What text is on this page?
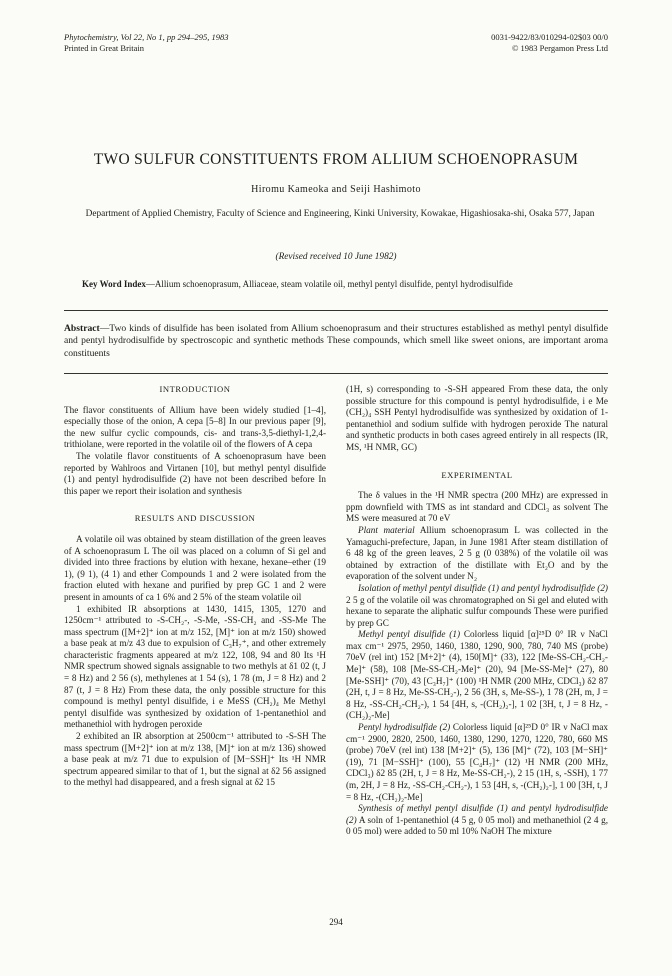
Phytochemistry, Vol 22, No 1, pp 294–295, 1983
Printed in Great Britain
0031-9422/83/010294-02$03 00/0
© 1983 Pergamon Press Ltd
TWO SULFUR CONSTITUENTS FROM ALLIUM SCHOENOPRASUM
Hiromu Kameoka and Seiji Hashimoto
Department of Applied Chemistry, Faculty of Science and Engineering, Kinki University, Kowakae, Higashiosaka-shi, Osaka 577, Japan
(Revised received 10 June 1982)
Key Word Index—Allium schoenoprasum, Alliaceae, steam volatile oil, methyl pentyl disulfide, pentyl hydrodisulfide
Abstract—Two kinds of disulfide has been isolated from Allium schoenoprasum and their structures established as methyl pentyl disulfide and pentyl hydrodisulfide by spectroscopic and synthetic methods These compounds, which smell like sweet onions, are important aroma constituents
INTRODUCTION

The flavor constituents of Allium have been widely studied [1–4], especially those of the onion, A cepa [5–8] In our previous paper [9], the new sulfur cyclic compounds, cis- and trans-3,5-diethyl-1,2,4-trithiolane, were reported in the volatile oil of the flowers of A cepa

The volatile flavor constituents of A schoenoprasum have been reported by Wahlroos and Virtanen [10], but methyl pentyl disulfide (1) and pentyl hydrodisulfide (2) have not been described before In this paper we report their isolation and synthesis

RESULTS AND DISCUSSION

A volatile oil was obtained by steam distillation of the green leaves of A schoenoprasum L The oil was placed on a column of Si gel and divided into three fractions by elution with hexane, hexane–ether (19 1), (9 1), (4 1) and ether Compounds 1 and 2 were isolated from the fraction eluted with hexane and purified by prep GC 1 and 2 were present in amounts of ca 1 6% and 2 5% of the steam volatile oil

1 exhibited IR absorptions at 1430, 1415, 1305, 1270 and 1250cm⁻¹ attributed to -S-CH₂-, -S-Me, -SS-CH₂ and -SS-Me The mass spectrum ([M+2]⁺ ion at m/z 152, [M]⁺ ion at m/z 150) showed a base peak at m/z 43 due to expulsion of C₃H₇⁺, and other extremely characteristic fragments appeared at m/z 122, 108, 94 and 80 Its ¹H NMR spectrum showed signals assignable to two methyls at δ1 02 (t, J = 8 Hz) and 2 56 (s), methylenes at 1 54 (s), 1 78 (m, J = 8 Hz) and 2 87 (t, J = 8 Hz) From these data, the only possible structure for this compound is methyl pentyl disulfide, i e MeSS (CH₂)₄ Me Methyl pentyl disulfide was synthesized by oxidation of 1-pentanethiol and methanethiol with hydrogen peroxide

2 exhibited an IR absorption at 2500cm⁻¹ attributed to -S-SH The mass spectrum ([M+2]⁺ ion at m/z 138, [M]⁺ ion at m/z 136) showed a base peak at m/z 71 due to expulsion of [M−SSH]⁺ Its ¹H NMR spectrum appeared similar to that of 1, but the signal at δ2 56 assigned to the methyl had disappeared, and a fresh signal at δ2 15

(1H, s) corresponding to -S-SH appeared From these data, the only possible structure for this compound is pentyl hydrodisulfide, i e Me (CH₂)₄ SSH Pentyl hydrodisulfide was synthesized by oxidation of 1-pentanethiol and sodium sulfide with hydrogen peroxide The natural and synthetic products in both cases agreed entirely in all respects (IR, MS, ¹H NMR, GC)

EXPERIMENTAL

The δ values in the ¹H NMR spectra (200 MHz) are expressed in ppm downfield with TMS as int standard and CDCl₃ as solvent The MS were measured at 70 eV

Plant material Allium schoenoprasum L was collected in the Yamaguchi-prefecture, Japan, in June 1981 After steam distillation of 6 48 kg of the green leaves, 2 5 g (0 038%) of the volatile oil was obtained by extraction of the distillate with Et₂O and by the evaporation of the solvent under N₂

Isolation of methyl pentyl disulfide (1) and pentyl hydrodisulfide (2) 2 5 g of the volatile oil was chromatographed on Si gel and eluted with hexane to separate the aliphatic sulfur compounds These were purified by prep GC

Methyl pentyl disulfide (1) Colorless liquid [α]²⁵D 0° IR ν NaCl max cm⁻¹ 2975, 2950, 1460, 1380, 1290, 900, 780, 740 MS (probe) 70eV (rel int) 152 [M+2]⁺ (4), 150[M]⁺ (33), 122 [Me-SS-CH₂-CH₂-Me]⁺ (58), 108 [Me-SS-CH₂-Me]⁺ (20), 94 [Me-SS-Me]⁺ (27), 80 [Me-SSH]⁺ (70), 43 [C₃H₇]⁺ (100) ¹H NMR (200 MHz, CDCl₃) δ2 87 (2H, t, J = 8 Hz, Me-SS-CH₂-), 2 56 (3H, s, Me-SS-), 1 78 (2H, m, J = 8 Hz, -SS-CH₂-CH₂-), 1 54 [4H, s, -(CH₂)₂-], 1 02 [3H, t, J = 8 Hz, -(CH₂)₂-Me]

Pentyl hydrodisulfide (2) Colorless liquid [α]²⁵D 0° IR ν NaCl max cm⁻¹ 2900, 2820, 2500, 1460, 1380, 1290, 1270, 1220, 780, 660 MS (probe) 70eV (rel int) 138 [M+2]⁺ (5), 136 [M]⁺ (72), 103 [M−SH]⁺ (19), 71 [M−SSH]⁺ (100), 55 [C₄H₇]⁺ (12) ¹H NMR (200 MHz, CDCl₃) δ2 85 (2H, t, J = 8 Hz, Me-SS-CH₂-), 2 15 (1H, s, -SSH), 1 77 (m, 2H, J = 8 Hz, -SS-CH₂-CH₂-), 1 53 [4H, s, -(CH₂)₂-], 1 00 [3H, t, J = 8 Hz, -(CH₂)₂-Me]

Synthesis of methyl pentyl disulfide (1) and pentyl hydrodisulfide (2) A soln of 1-pentanethiol (4 5 g, 0 05 mol) and methanethiol (2 4 g, 0 05 mol) were added to 50 ml 10% NaOH The mixture

294
